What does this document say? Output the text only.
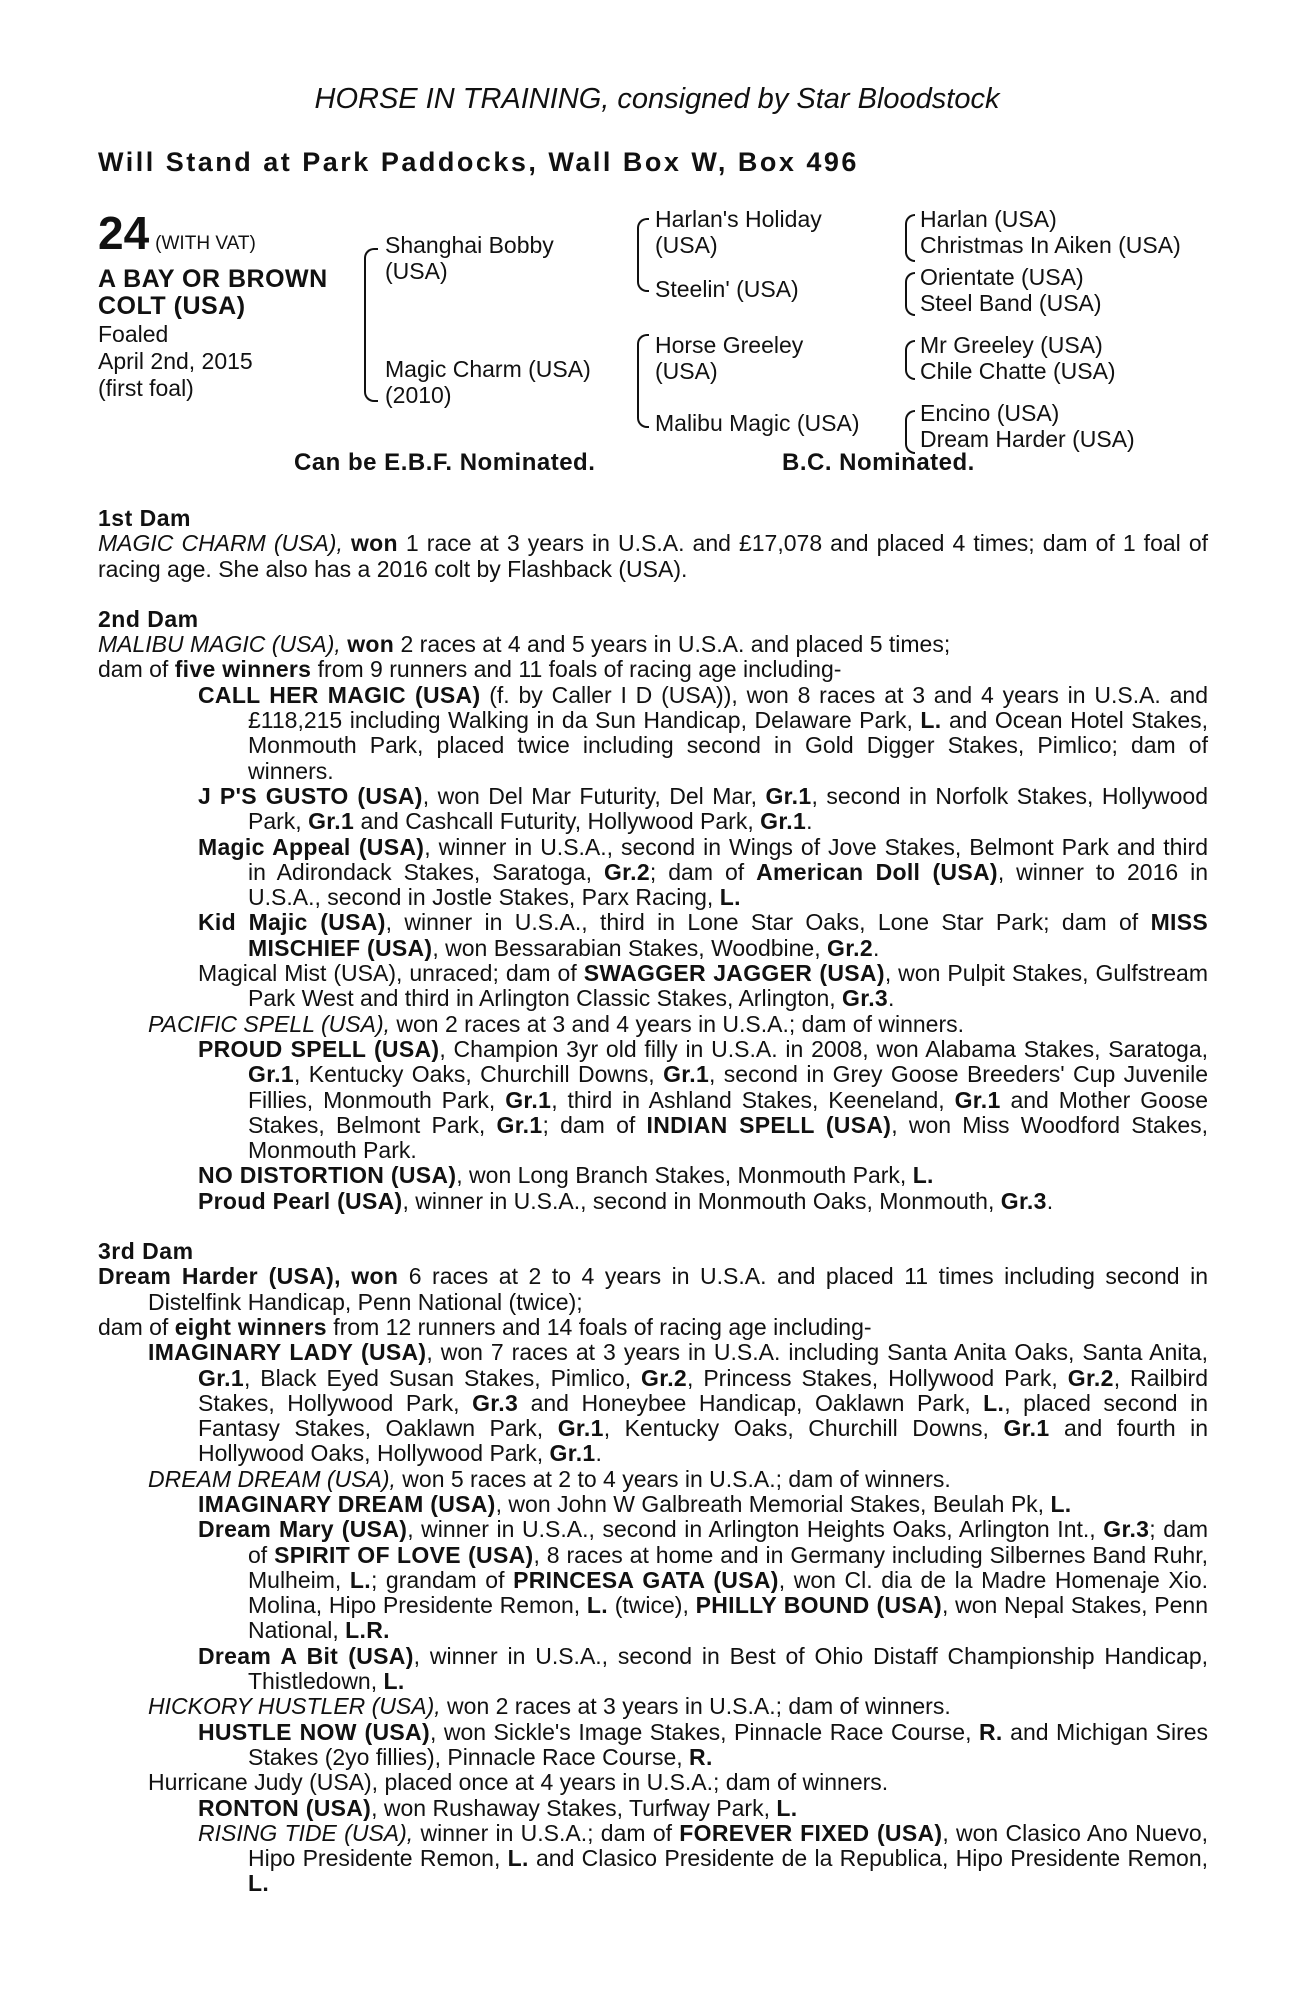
HORSE IN TRAINING, consigned by Star Bloodstock
Will Stand at Park Paddocks, Wall Box W, Box 496
24 (WITH VAT)
A BAY OR BROWN
COLT (USA)
Foaled
April 2nd, 2015
(first foal)
Shanghai Bobby
(USA)
Magic Charm (USA)
(2010)
Harlan's Holiday
(USA)
Steelin' (USA)
Horse Greeley
(USA)
Malibu Magic (USA)
Harlan (USA)
Christmas In Aiken (USA)
Orientate (USA)
Steel Band (USA)
Mr Greeley (USA)
Chile Chatte (USA)
Encino (USA)
Dream Harder (USA)
Can be E.B.F. Nominated.	B.C. Nominated.
1st Dam
MAGIC CHARM (USA), won 1 race at 3 years in U.S.A. and £17,078 and placed 4 times; dam of 1 foal of racing age. She also has a 2016 colt by Flashback (USA).
2nd Dam
MALIBU MAGIC (USA), won 2 races at 4 and 5 years in U.S.A. and placed 5 times;
dam of five winners from 9 runners and 11 foals of racing age including-
CALL HER MAGIC (USA) (f. by Caller I D (USA)), won 8 races at 3 and 4 years in U.S.A. and £118,215 including Walking in da Sun Handicap, Delaware Park, L. and Ocean Hotel Stakes, Monmouth Park, placed twice including second in Gold Digger Stakes, Pimlico; dam of winners.
J P'S GUSTO (USA), won Del Mar Futurity, Del Mar, Gr.1, second in Norfolk Stakes, Hollywood Park, Gr.1 and Cashcall Futurity, Hollywood Park, Gr.1.
Magic Appeal (USA), winner in U.S.A., second in Wings of Jove Stakes, Belmont Park and third in Adirondack Stakes, Saratoga, Gr.2; dam of American Doll (USA), winner to 2016 in U.S.A., second in Jostle Stakes, Parx Racing, L.
Kid Majic (USA), winner in U.S.A., third in Lone Star Oaks, Lone Star Park; dam of MISS MISCHIEF (USA), won Bessarabian Stakes, Woodbine, Gr.2.
Magical Mist (USA), unraced; dam of SWAGGER JAGGER (USA), won Pulpit Stakes, Gulfstream Park West and third in Arlington Classic Stakes, Arlington, Gr.3.
PACIFIC SPELL (USA), won 2 races at 3 and 4 years in U.S.A.; dam of winners.
PROUD SPELL (USA), Champion 3yr old filly in U.S.A. in 2008, won Alabama Stakes, Saratoga, Gr.1, Kentucky Oaks, Churchill Downs, Gr.1, second in Grey Goose Breeders' Cup Juvenile Fillies, Monmouth Park, Gr.1, third in Ashland Stakes, Keeneland, Gr.1 and Mother Goose Stakes, Belmont Park, Gr.1; dam of INDIAN SPELL (USA), won Miss Woodford Stakes, Monmouth Park.
NO DISTORTION (USA), won Long Branch Stakes, Monmouth Park, L.
Proud Pearl (USA), winner in U.S.A., second in Monmouth Oaks, Monmouth, Gr.3.
3rd Dam
Dream Harder (USA), won 6 races at 2 to 4 years in U.S.A. and placed 11 times including second in Distelfink Handicap, Penn National (twice);
dam of eight winners from 12 runners and 14 foals of racing age including-
IMAGINARY LADY (USA), won 7 races at 3 years in U.S.A. including Santa Anita Oaks, Santa Anita, Gr.1, Black Eyed Susan Stakes, Pimlico, Gr.2, Princess Stakes, Hollywood Park, Gr.2, Railbird Stakes, Hollywood Park, Gr.3 and Honeybee Handicap, Oaklawn Park, L., placed second in Fantasy Stakes, Oaklawn Park, Gr.1, Kentucky Oaks, Churchill Downs, Gr.1 and fourth in Hollywood Oaks, Hollywood Park, Gr.1.
DREAM DREAM (USA), won 5 races at 2 to 4 years in U.S.A.; dam of winners.
IMAGINARY DREAM (USA), won John W Galbreath Memorial Stakes, Beulah Pk, L.
Dream Mary (USA), winner in U.S.A., second in Arlington Heights Oaks, Arlington Int., Gr.3; dam of SPIRIT OF LOVE (USA), 8 races at home and in Germany including Silbernes Band Ruhr, Mulheim, L.; grandam of PRINCESA GATA (USA), won Cl. dia de la Madre Homenaje Xio. Molina, Hipo Presidente Remon, L. (twice), PHILLY BOUND (USA), won Nepal Stakes, Penn National, L.R.
Dream A Bit (USA), winner in U.S.A., second in Best of Ohio Distaff Championship Handicap, Thistledown, L.
HICKORY HUSTLER (USA), won 2 races at 3 years in U.S.A.; dam of winners.
HUSTLE NOW (USA), won Sickle's Image Stakes, Pinnacle Race Course, R. and Michigan Sires Stakes (2yo fillies), Pinnacle Race Course, R.
Hurricane Judy (USA), placed once at 4 years in U.S.A.; dam of winners.
RONTON (USA), won Rushaway Stakes, Turfway Park, L.
RISING TIDE (USA), winner in U.S.A.; dam of FOREVER FIXED (USA), won Clasico Ano Nuevo, Hipo Presidente Remon, L. and Clasico Presidente de la Republica, Hipo Presidente Remon, L.
